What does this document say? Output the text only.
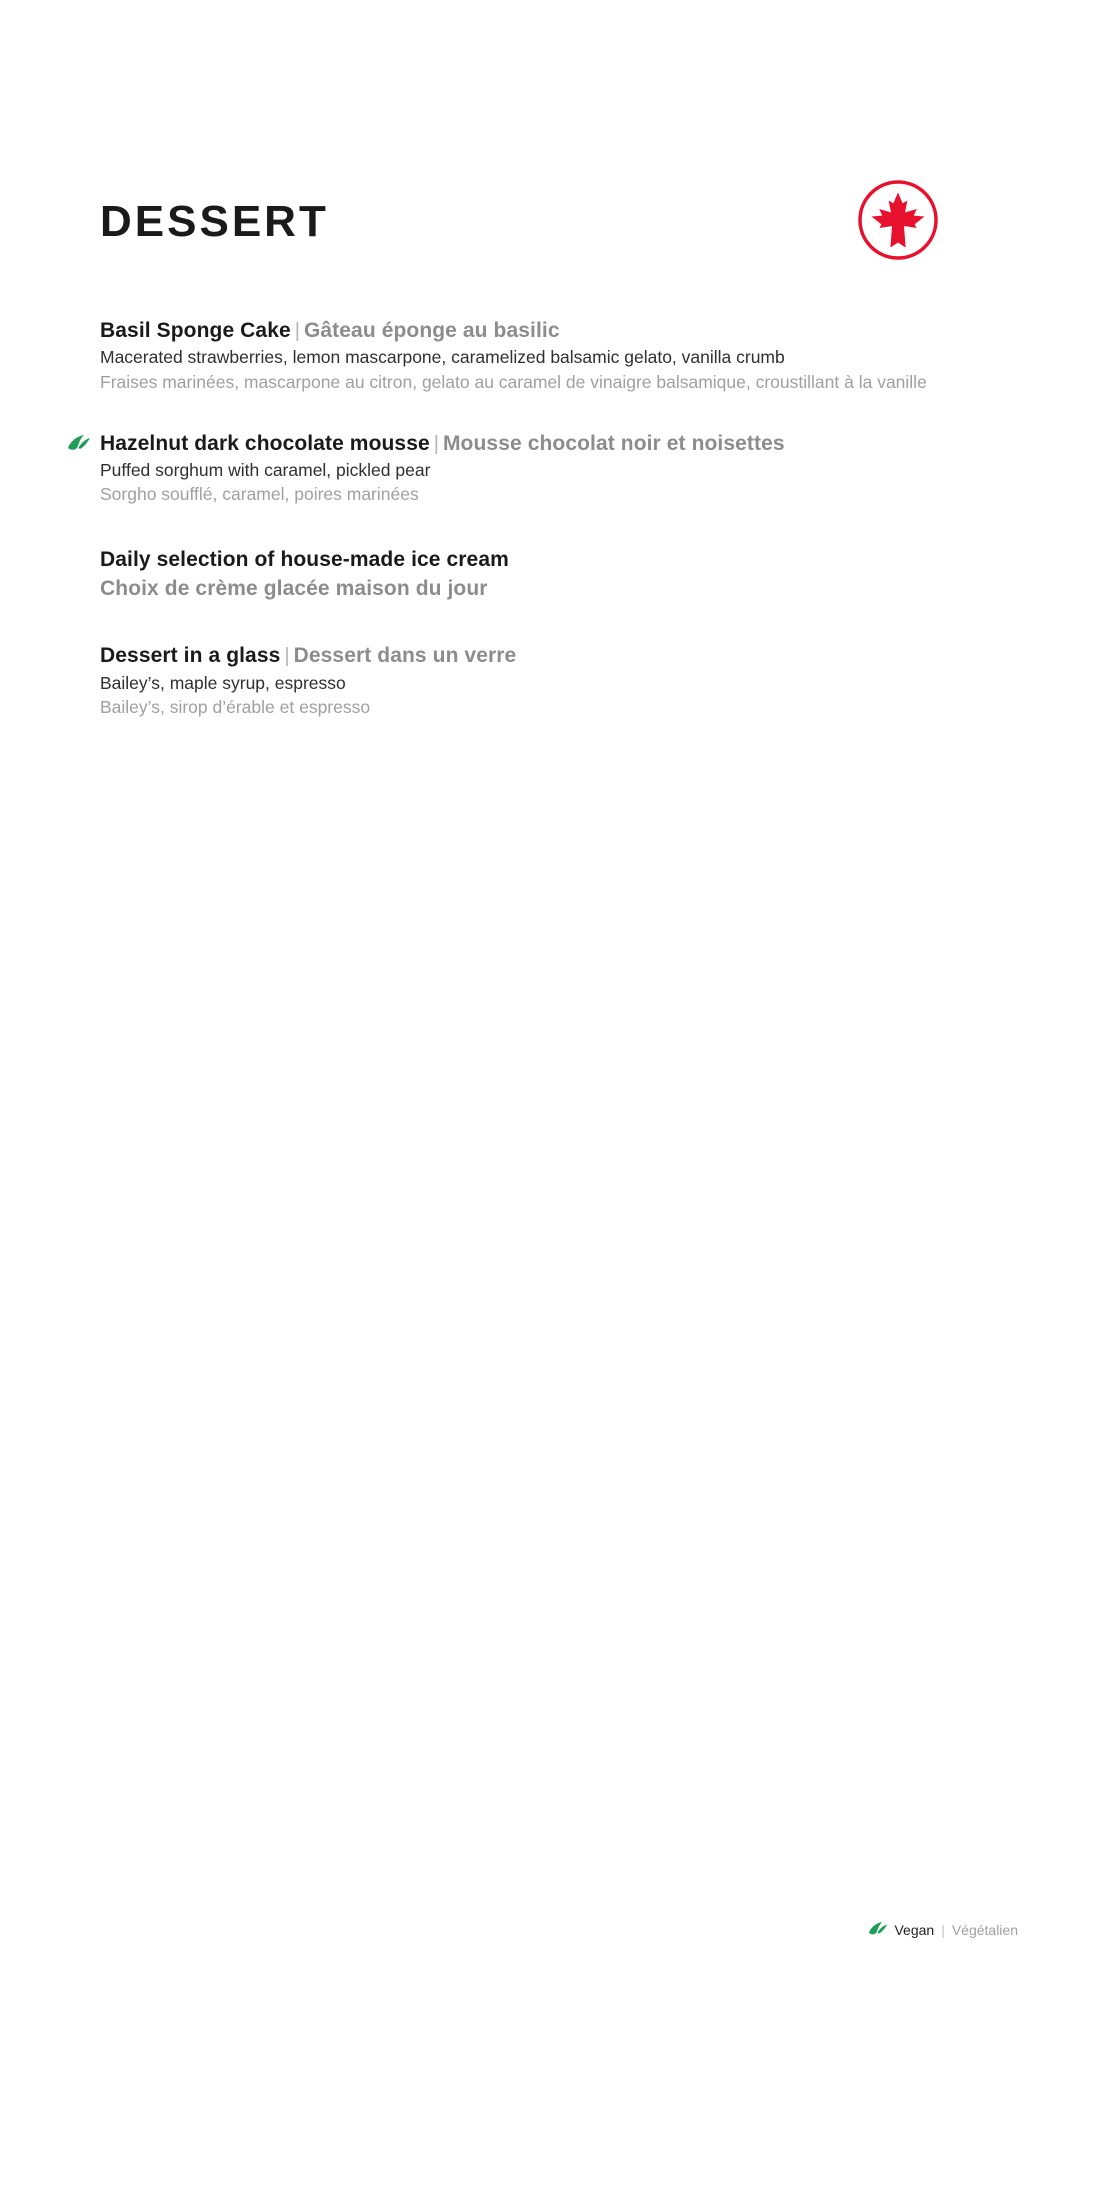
DESSERT
Basil Sponge Cake | Gâteau éponge au basilic
Macerated strawberries, lemon mascarpone, caramelized balsamic gelato, vanilla crumb
Fraises marinées, mascarpone au citron, gelato au caramel de vinaigre balsamique, croustillant à la vanille
Hazelnut dark chocolate mousse | Mousse chocolat noir et noisettes
Puffed sorghum with caramel, pickled pear
Sorgho soufflé, caramel, poires marinées
Daily selection of house-made ice cream
Choix de crème glacée maison du jour
Dessert in a glass | Dessert dans un verre
Bailey’s, maple syrup, espresso
Bailey’s, sirop d’érable et espresso
Vegan | Végétalien
